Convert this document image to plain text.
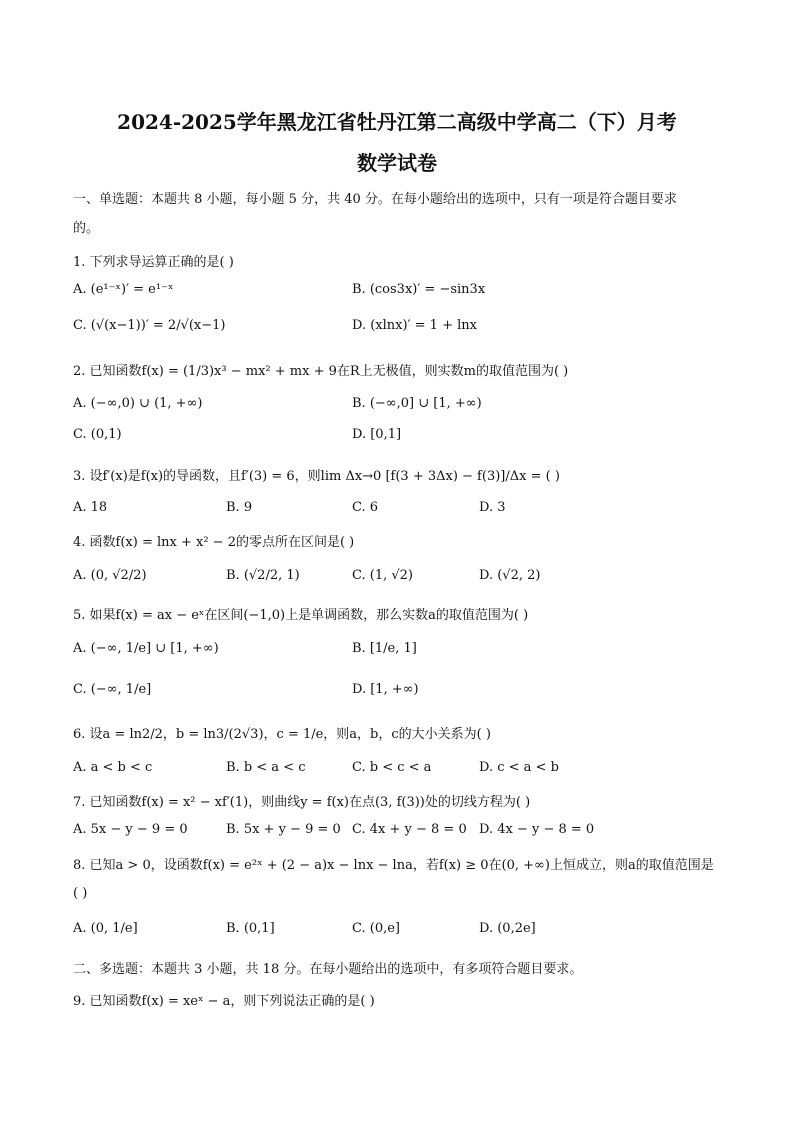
2024-2025学年黑龙江省牡丹江第二高级中学高二（下）月考
数学试卷
一、单选题：本题共 8 小题，每小题 5 分，共 40 分。在每小题给出的选项中，只有一项是符合题目要求
的。
1. 下列求导运算正确的是( )
A. (e¹⁻ˣ)′ = e¹⁻ˣ	B. (cos3x)′ = −sin3x
C. (√(x−1))′ = 2/√(x−1)	D. (xlnx)′ = 1 + lnx
2. 已知函数f(x) = (1/3)x³ − mx² + mx + 9在R上无极值，则实数m的取值范围为( )
A. (−∞,0) ∪ (1, +∞)	B. (−∞,0] ∪ [1, +∞)
C. (0,1)	D. [0,1]
3. 设f′(x)是f(x)的导函数，且f′(3) = 6，则lim Δx→0 [f(3 + 3Δx) − f(3)]/Δx = ( )
A. 18	B. 9	C. 6	D. 3
4. 函数f(x) = lnx + x² − 2的零点所在区间是( )
A. (0, √2/2)	B. (√2/2, 1)	C. (1, √2)	D. (√2, 2)
5. 如果f(x) = ax − eˣ在区间(−1,0)上是单调函数，那么实数a的取值范围为( )
A. (−∞, 1/e] ∪ [1, +∞)	B. [1/e, 1]
C. (−∞, 1/e]	D. [1, +∞)
6. 设a = ln2/2，b = ln3/(2√3)，c = 1/e，则a，b，c的大小关系为( )
A. a < b < c	B. b < a < c	C. b < c < a	D. c < a < b
7. 已知函数f(x) = x² − xf′(1)，则曲线y = f(x)在点(3, f(3))处的切线方程为( )
A. 5x − y − 9 = 0	B. 5x + y − 9 = 0 C. 4x + y − 8 = 0 D. 4x − y − 8 = 0
8. 已知a > 0，设函数f(x) = e²ˣ + (2 − a)x − lnx − lna，若f(x) ≥ 0在(0, +∞)上恒成立，则a的取值范围是
( )
A. (0, 1/e]	B. (0,1]	C. (0,e]	D. (0,2e]
二、多选题：本题共 3 小题，共 18 分。在每小题给出的选项中，有多项符合题目要求。
9. 已知函数f(x) = xeˣ − a，则下列说法正确的是( )
